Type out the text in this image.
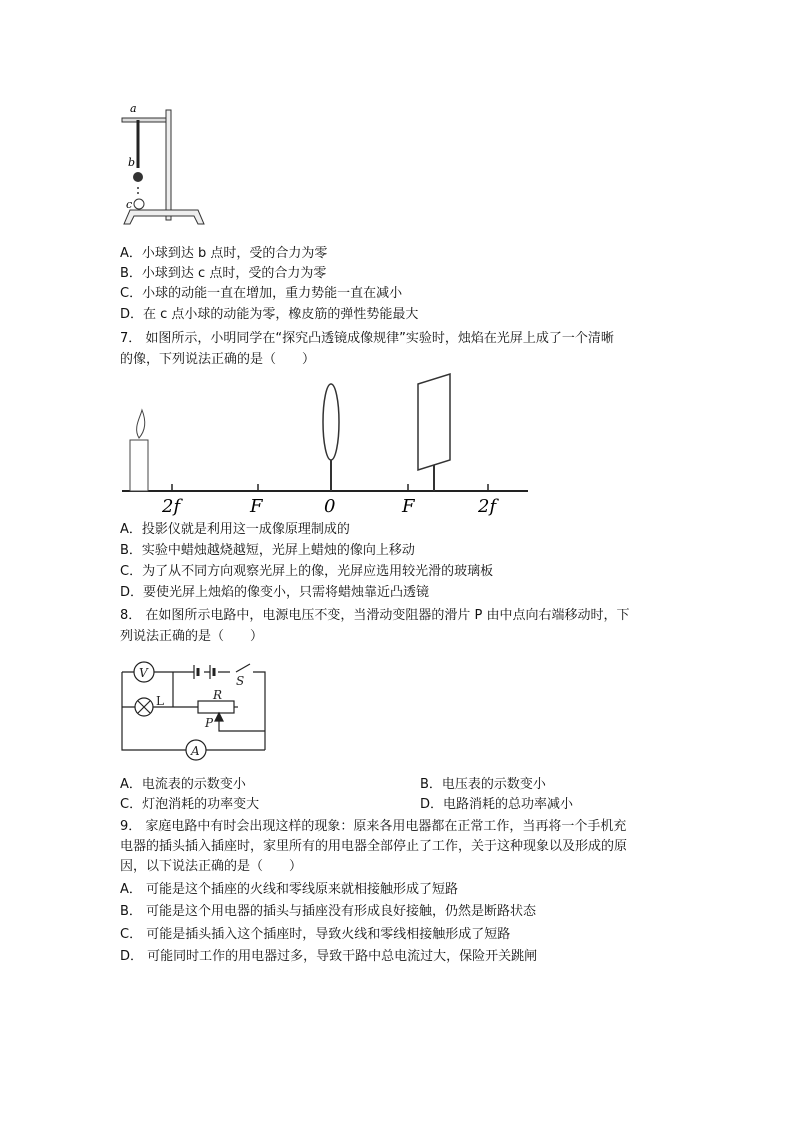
a
b
c
A．小球到达 b 点时，受的合力为零
B．小球到达 c 点时，受的合力为零
C．小球的动能一直在增加，重力势能一直在减小
D．在 c 点小球的动能为零，橡皮筋的弹性势能最大
7． 如图所示，小明同学在“探究凸透镜成像规律”实验时，烛焰在光屏上成了一个清晰
的像，下列说法正确的是（　　）
2f	F	0	F	2f
A．投影仪就是利用这一成像原理制成的
B．实验中蜡烛越烧越短，光屏上蜡烛的像向上移动
C．为了从不同方向观察光屏上的像，光屏应选用较光滑的玻璃板
D．要使光屏上烛焰的像变小，只需将蜡烛靠近凸透镜
8． 在如图所示电路中，电源电压不变，当滑动变阻器的滑片 P 由中点向右端移动时，下
列说法正确的是（　　）
V
L	R
P
S
A
A．电流表的示数变小	B．电压表的示数变小
C．灯泡消耗的功率变大	D．电路消耗的总功率减小
9． 家庭电路中有时会出现这样的现象：原来各用电器都在正常工作，当再将一个手机充
电器的插头插入插座时，家里所有的用电器全部停止了工作，关于这种现象以及形成的原
因，以下说法正确的是（　　）
A． 可能是这个插座的火线和零线原来就相接触形成了短路
B． 可能是这个用电器的插头与插座没有形成良好接触，仍然是断路状态
C． 可能是插头插入这个插座时，导致火线和零线相接触形成了短路
D． 可能同时工作的用电器过多，导致干路中总电流过大，保险开关跳闸
